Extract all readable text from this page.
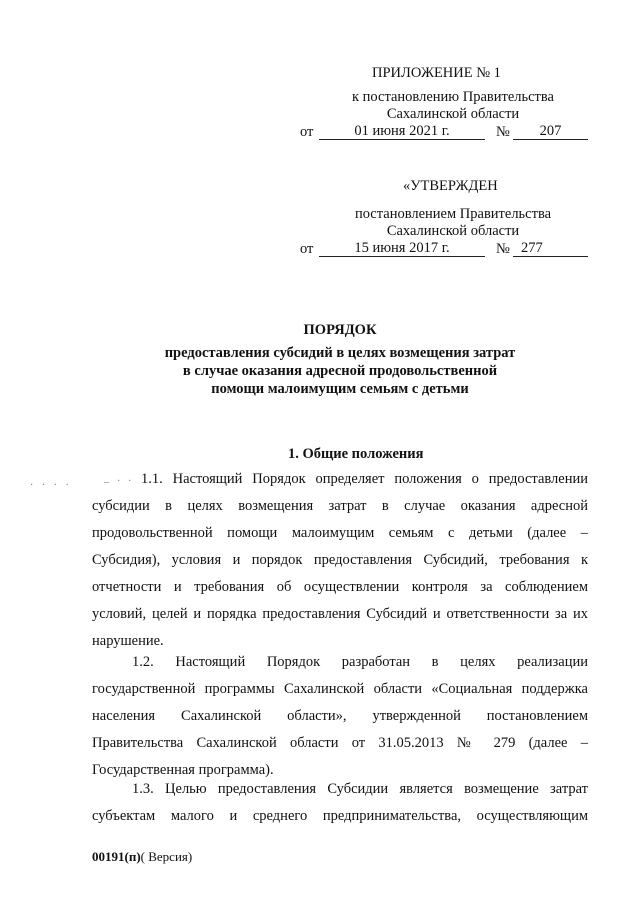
ПРИЛОЖЕНИЕ № 1
к постановлению Правительства
Сахалинской области
от	01 июня 2021 г.	№	207
«УТВЕРЖДЕН
постановлением Правительства
Сахалинской области
от	15 июня 2017 г.	№ 277
ПОРЯДОК
предоставления субсидий в целях возмещения затрат
в случае оказания адресной продовольственной
помощи малоимущим семьям с детьми
1. Общие положения
· · · ·
_ . . 1.1. Настоящий Порядок определяет положения о предоставлении
субсидии в целях возмещения затрат в случае оказания адресной
продовольственной помощи малоимущим семьям с детьми (далее –
Субсидия), условия и порядок предоставления Субсидий, требования к
отчетности и требования об осуществлении контроля за соблюдением
условий, целей и порядка предоставления Субсидий и ответственности за их
нарушение.
1.2. Настоящий Порядок разработан в целях реализации
государственной программы Сахалинской области «Социальная поддержка
населения Сахалинской области», утвержденной постановлением
Правительства Сахалинской области от 31.05.2013 № 279 (далее –
Государственная программа).
1.3. Целью предоставления Субсидии является возмещение затрат
субъектам малого и среднего предпринимательства, осуществляющим
00191(п)( Версия)
